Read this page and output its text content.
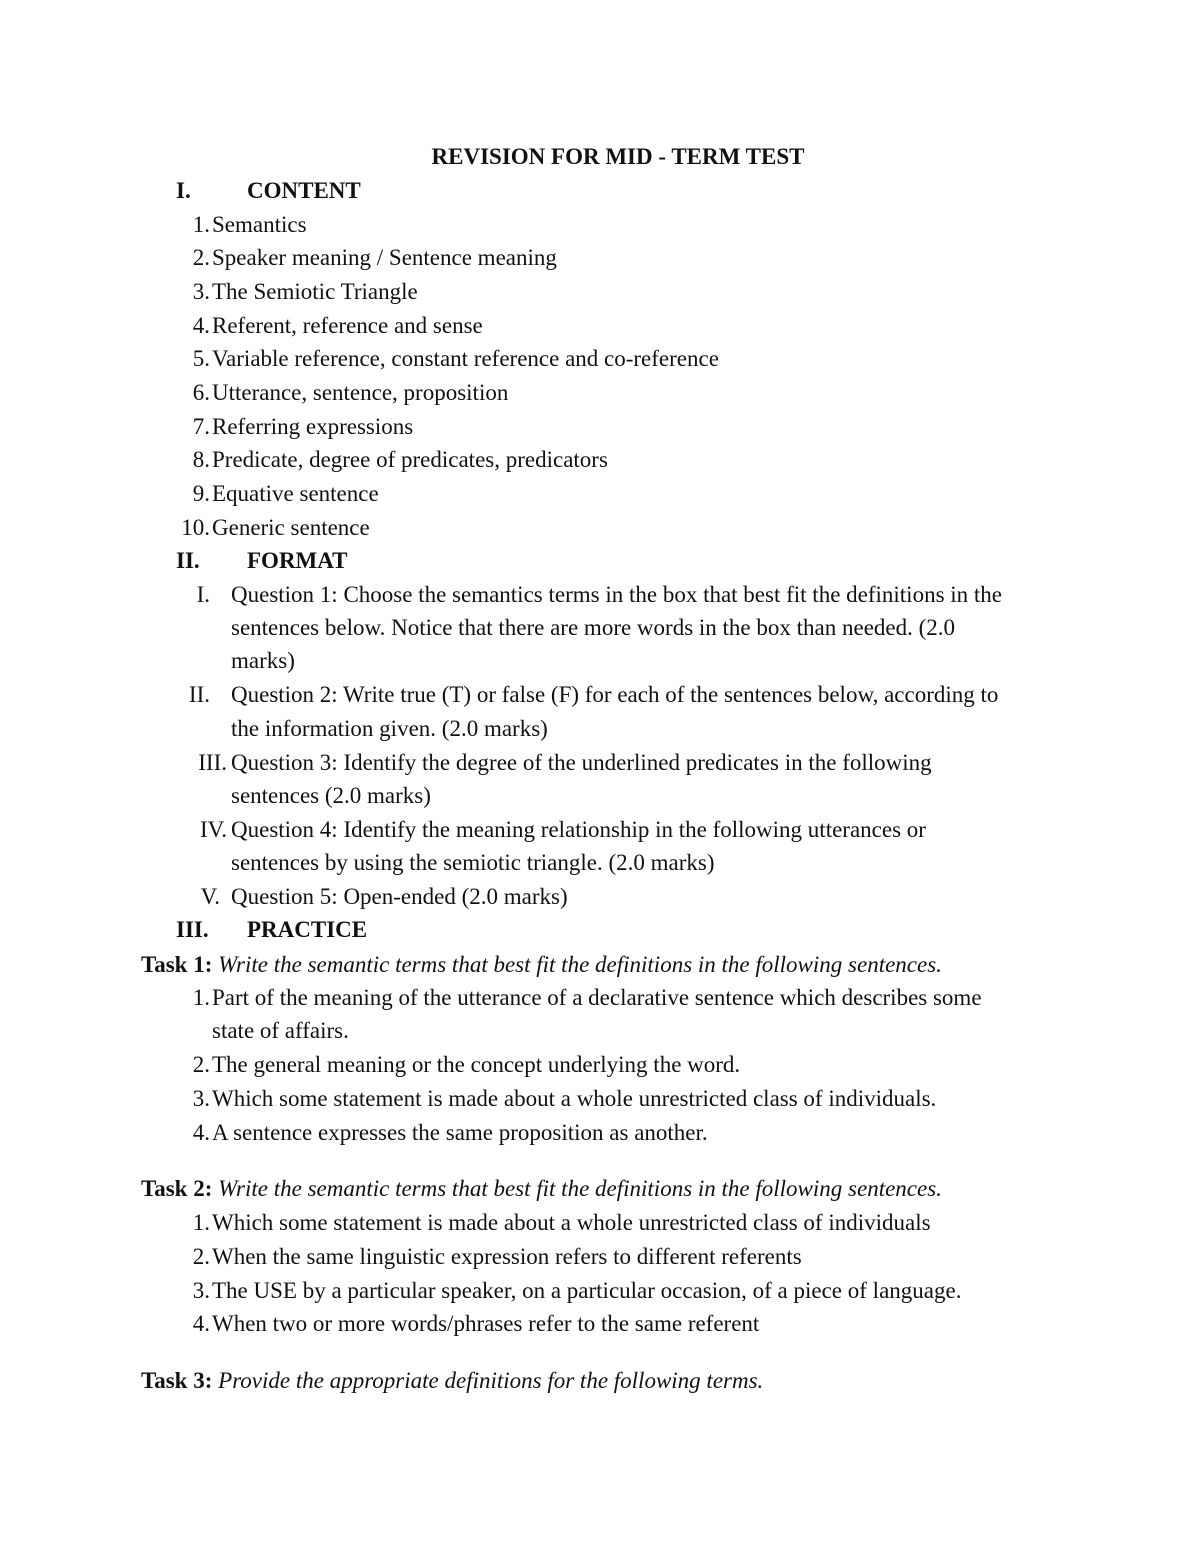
REVISION FOR MID - TERM TEST
I. CONTENT
1. Semantics
2. Speaker meaning / Sentence meaning
3. The Semiotic Triangle
4. Referent, reference and sense
5. Variable reference, constant reference and co-reference
6. Utterance, sentence, proposition
7. Referring expressions
8. Predicate, degree of predicates, predicators
9. Equative sentence
10. Generic sentence
II. FORMAT
I. Question 1: Choose the semantics terms in the box that best fit the definitions in the
sentences below. Notice that there are more words in the box than needed. (2.0
marks)
II. Question 2: Write true (T) or false (F) for each of the sentences below, according to
the information given. (2.0 marks)
III. Question 3: Identify the degree of the underlined predicates in the following
sentences (2.0 marks)
IV. Question 4: Identify the meaning relationship in the following utterances or
sentences by using the semiotic triangle. (2.0 marks)
V. Question 5: Open-ended (2.0 marks)
III. PRACTICE
Task 1: Write the semantic terms that best fit the definitions in the following sentences.
1. Part of the meaning of the utterance of a declarative sentence which describes some
state of affairs.
2. The general meaning or the concept underlying the word.
3. Which some statement is made about a whole unrestricted class of individuals.
4. A sentence expresses the same proposition as another.
Task 2: Write the semantic terms that best fit the definitions in the following sentences.
1. Which some statement is made about a whole unrestricted class of individuals
2. When the same linguistic expression refers to different referents
3. The USE by a particular speaker, on a particular occasion, of a piece of language.
4. When two or more words/phrases refer to the same referent
Task 3: Provide the appropriate definitions for the following terms.
